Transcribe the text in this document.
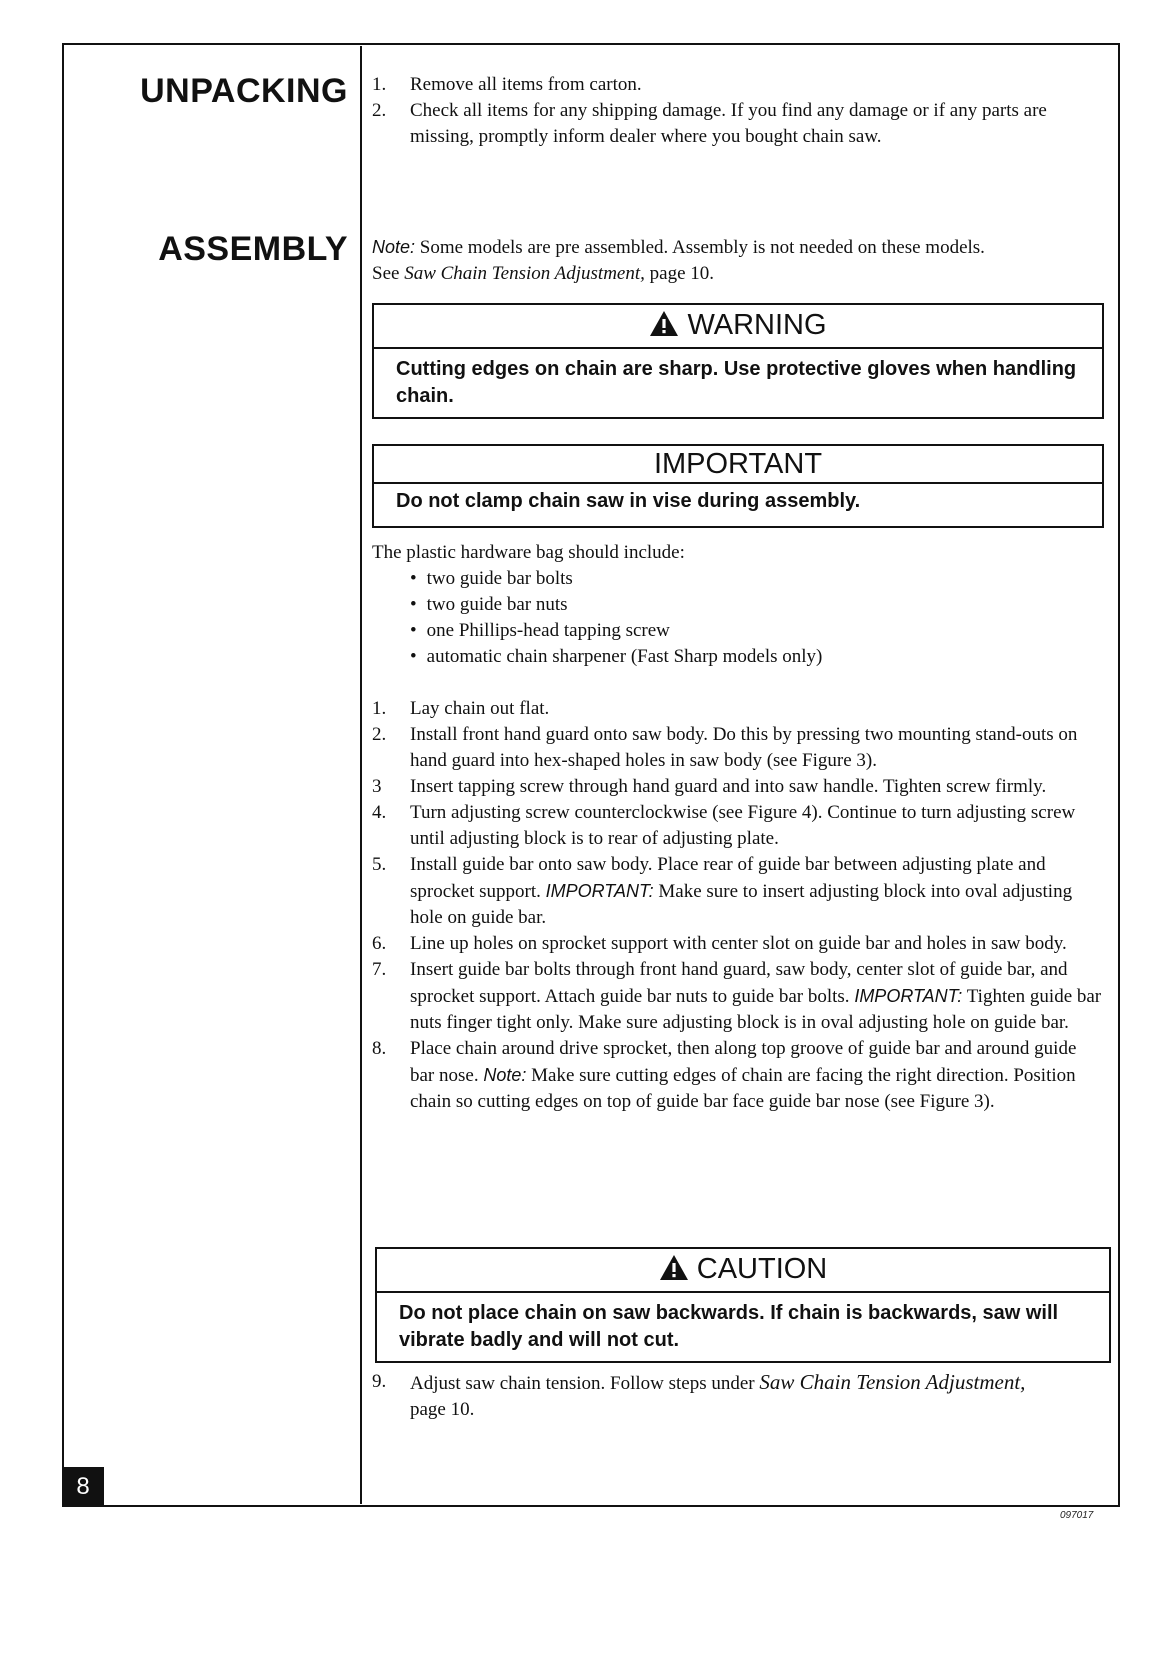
UNPACKING
ASSEMBLY
1.	Remove all items from carton.
2.	Check all items for any shipping damage. If you find any damage or if any parts are missing, promptly inform dealer where you bought chain saw.
Note: Some models are pre assembled. Assembly is not needed on these models.
See Saw Chain Tension Adjustment, page 10.
WARNING
Cutting edges on chain are sharp. Use protective gloves when handling chain.
IMPORTANT
Do not clamp chain saw in vise during assembly.
The plastic hardware bag should include:
• two guide bar bolts
• two guide bar nuts
• one Phillips-head tapping screw
• automatic chain sharpener (Fast Sharp models only)
1.	Lay chain out flat.
2.	Install front hand guard onto saw body. Do this by pressing two mounting stand-outs on hand guard into hex-shaped holes in saw body (see Figure 3).
3	Insert tapping screw through hand guard and into saw handle. Tighten screw firmly.
4.	Turn adjusting screw counterclockwise (see Figure 4). Continue to turn adjusting screw until adjusting block is to rear of adjusting plate.
5.	Install guide bar onto saw body. Place rear of guide bar between adjusting plate and sprocket support. IMPORTANT: Make sure to insert adjusting block into oval adjusting hole on guide bar.
6.	Line up holes on sprocket support with center slot on guide bar and holes in saw body.
7.	Insert guide bar bolts through front hand guard, saw body, center slot of guide bar, and sprocket support. Attach guide bar nuts to guide bar bolts. IMPORTANT: Tighten guide bar nuts finger tight only. Make sure adjusting block is in oval adjusting hole on guide bar.
8.	Place chain around drive sprocket, then along top groove of guide bar and around guide bar nose. Note: Make sure cutting edges of chain are facing the right direction. Position chain so cutting edges on top of guide bar face guide bar nose (see Figure 3).
CAUTION
Do not place chain on saw backwards. If chain is backwards, saw will vibrate badly and will not cut.
9.	Adjust saw chain tension. Follow steps under Saw Chain Tension Adjustment,
page 10.
8
097017
